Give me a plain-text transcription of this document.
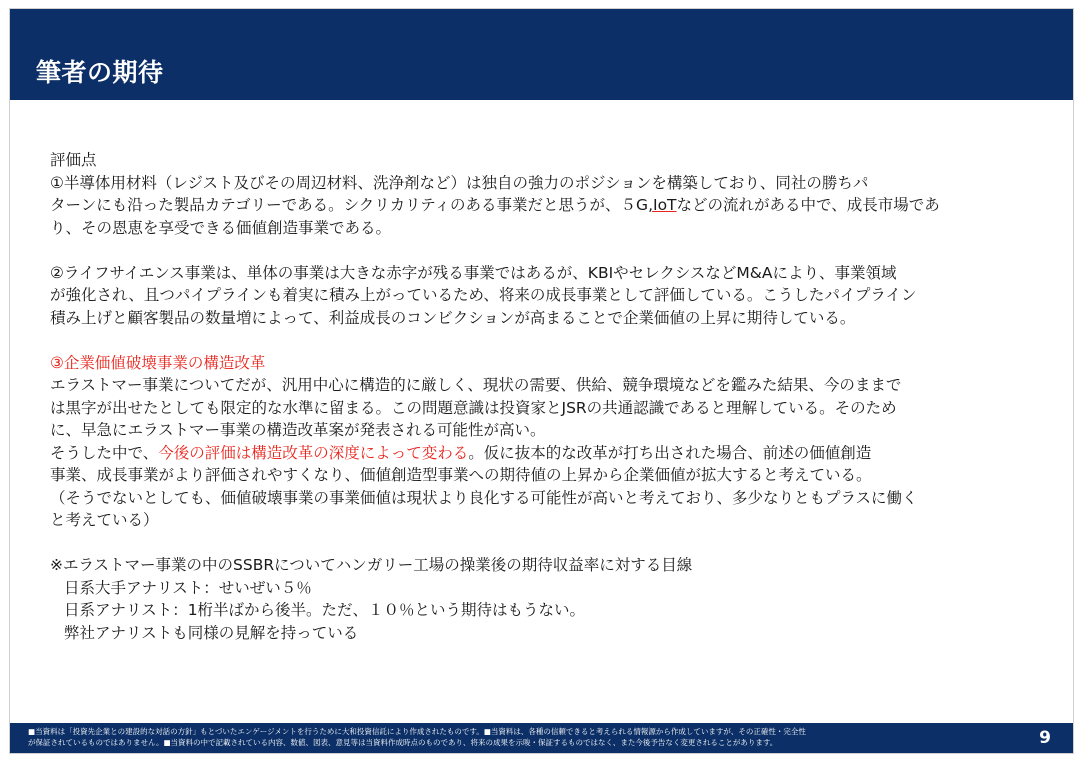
筆者の期待
評価点
①半導体用材料（レジスト及びその周辺材料、洗浄剤など）は独自の強力のポジションを構築しており、同社の勝ちパ
ターンにも沿った製品カテゴリーである。シクリカリティのある事業だと思うが、５G,IoTなどの流れがある中で、成長市場であ
り、その恩恵を享受できる価値創造事業である。
②ライフサイエンス事業は、単体の事業は大きな赤字が残る事業ではあるが、KBIやセレクシスなどM&Aにより、事業領域
が強化され、且つパイプラインも着実に積み上がっているため、将来の成長事業として評価している。こうしたパイプライン
積み上げと顧客製品の数量増によって、利益成長のコンビクションが高まることで企業価値の上昇に期待している。
③企業価値破壊事業の構造改革
エラストマー事業についてだが、汎用中心に構造的に厳しく、現状の需要、供給、競争環境などを鑑みた結果、今のままで
は黒字が出せたとしても限定的な水準に留まる。この問題意識は投資家とJSRの共通認識であると理解している。そのため
に、早急にエラストマー事業の構造改革案が発表される可能性が高い。
そうした中で、今後の評価は構造改革の深度によって変わる。仮に抜本的な改革が打ち出された場合、前述の価値創造
事業、成長事業がより評価されやすくなり、価値創造型事業への期待値の上昇から企業価値が拡大すると考えている。
（そうでないとしても、価値破壊事業の事業価値は現状より良化する可能性が高いと考えており、多少なりともプラスに働く
と考えている）
※エラストマー事業の中のSSBRについてハンガリー工場の操業後の期待収益率に対する目線
日系大手アナリスト：せいぜい５％
日系アナリスト：1桁半ばから後半。ただ、１０％という期待はもうない。
弊社アナリストも同様の見解を持っている
■当資料は「投資先企業との建設的な対話の方針」もとづいたエンゲージメントを行うために大和投資信託により作成されたものです。■当資料は、各種の信頼できると考えられる情報源から作成していますが、その正確性・完全性
が保証されているものではありません。■当資料の中で記載されている内容、数値、図表、意見等は当資料作成時点のものであり、将来の成果を示唆・保証するものではなく、また今後予告なく変更されることがあります。	9
